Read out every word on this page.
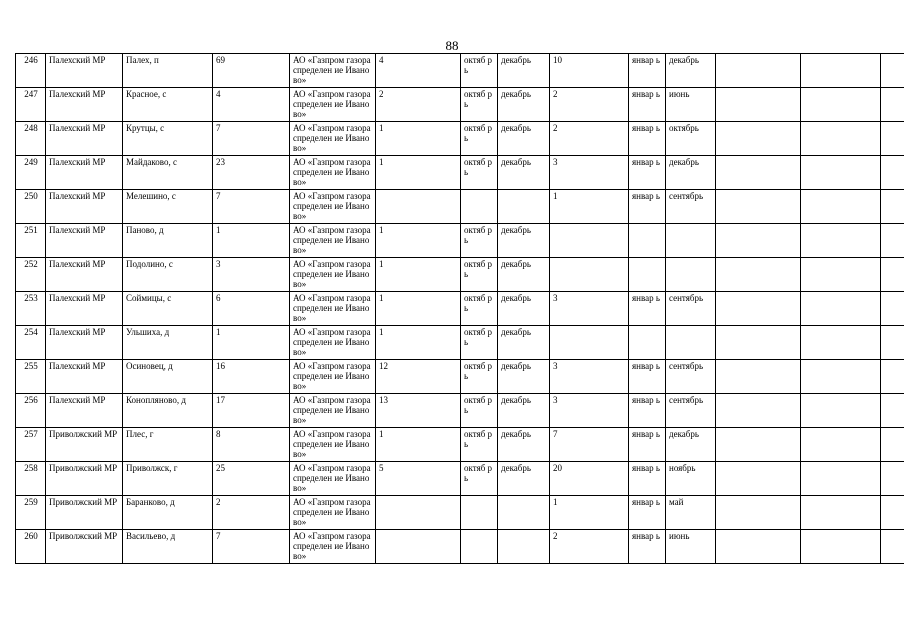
88
246	Палехский МР	Палех, п	69	АО «Газпром газораспределен ие Иваново»	4	октяб рь	декабрь	10	январ ь	декабрь			
247	Палехский МР	Красное, с	4	АО «Газпром газораспределен ие Иваново»	2	октяб рь	декабрь	2	январ ь	июнь			
248	Палехский МР	Крутцы, с	7	АО «Газпром газораспределен ие Иваново»	1	октяб рь	декабрь	2	январ ь	октябрь			
249	Палехский МР	Майдаково, с	23	АО «Газпром газораспределен ие Иваново»	1	октяб рь	декабрь	3	январ ь	декабрь			
250	Палехский МР	Мелешино, с	7	АО «Газпром газораспределен ие Иваново»				1	январ ь	сентябрь			
251	Палехский МР	Паново, д	1	АО «Газпром газораспределен ие Иваново»	1	октяб рь	декабрь						
252	Палехский МР	Подолино, с	3	АО «Газпром газораспределен ие Иваново»	1	октяб рь	декабрь						
253	Палехский МР	Соймицы, с	6	АО «Газпром газораспределен ие Иваново»	1	октяб рь	декабрь	3	январ ь	сентябрь			
254	Палехский МР	Ульшиха, д	1	АО «Газпром газораспределен ие Иваново»	1	октяб рь	декабрь						
255	Палехский МР	Осиновец, д	16	АО «Газпром газораспределен ие Иваново»	12	октяб рь	декабрь	3	январ ь	сентябрь			
256	Палехский МР	Коноплянoво, д	17	АО «Газпром газораспределен ие Иваново»	13	октяб рь	декабрь	3	январ ь	сентябрь			
257	Приволжский МР	Плес, г	8	АО «Газпром газораспределен ие Иваново»	1	октяб рь	декабрь	7	январ ь	декабрь			
258	Приволжский МР	Приволжск, г	25	АО «Газпром газораспределен ие Иваново»	5	октяб рь	декабрь	20	январ ь	ноябрь			
259	Приволжский МР	Баранково, д	2	АО «Газпром газораспределен ие Иваново»				1	январ ь	май			
260	Приволжский МР	Васильево, д	7	АО «Газпром газораспределен ие Иваново»				2	январ ь	июнь			
